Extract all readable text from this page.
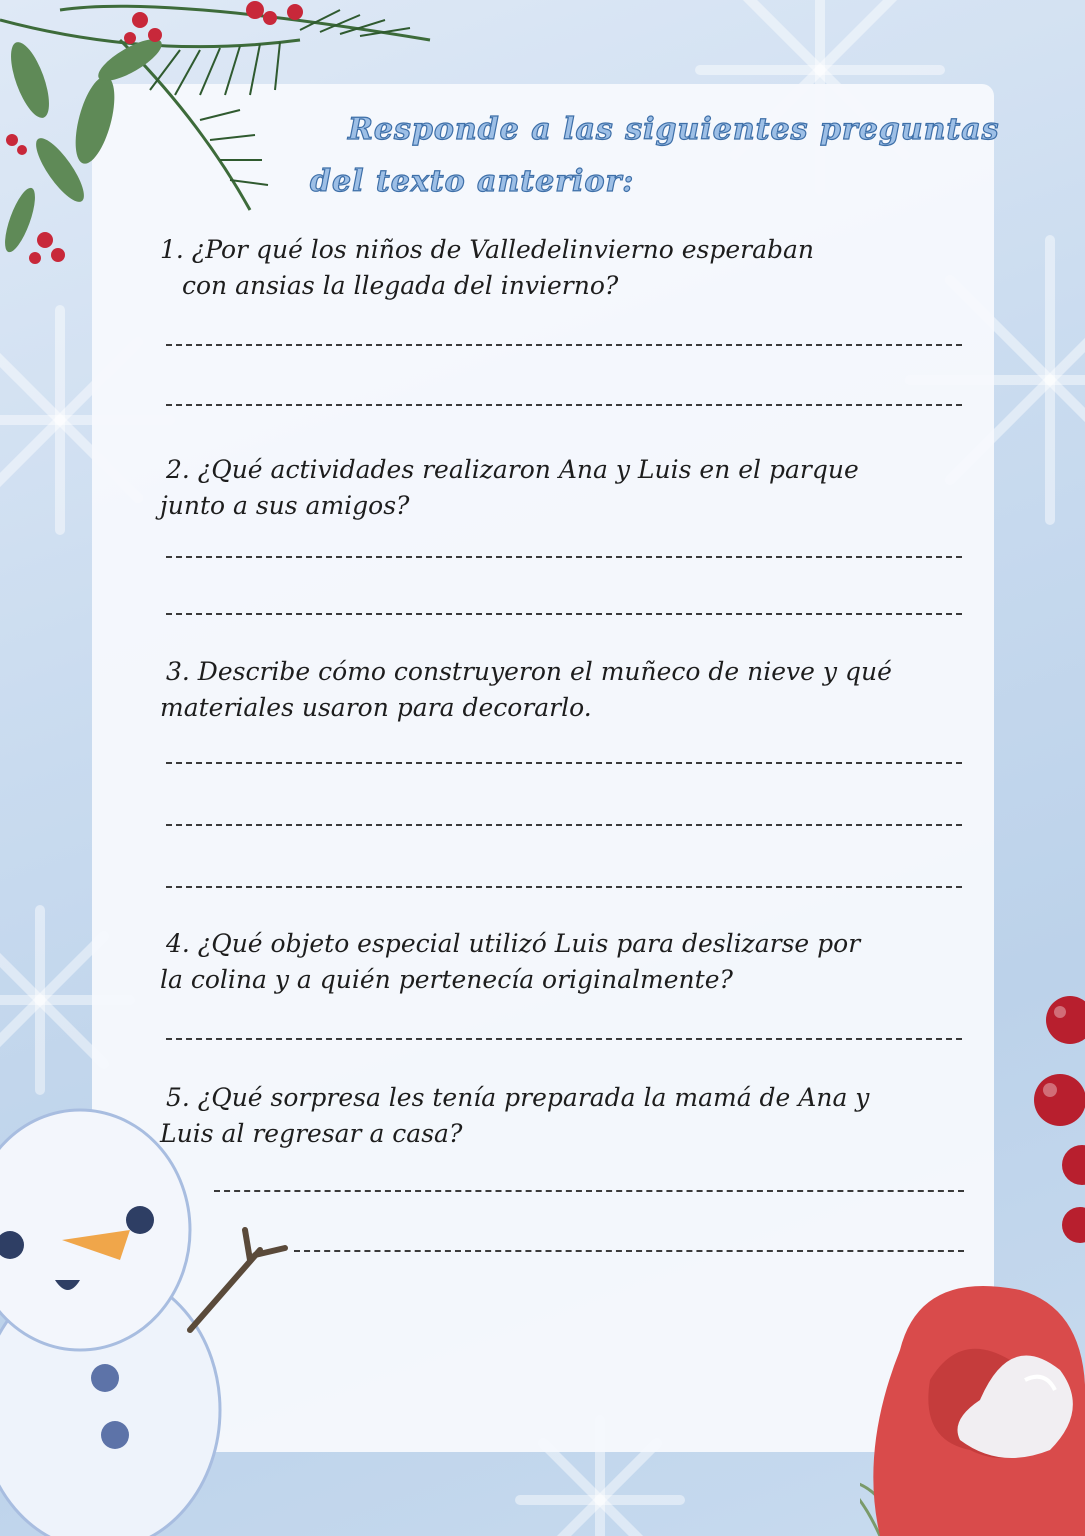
Responde a las siguientes preguntas
del texto anterior:
1. ¿Por qué los niños de Valledelinvierno esperaban
con ansias la llegada del invierno?
2. ¿Qué actividades realizaron Ana y Luis en el parque
junto a sus amigos?
3. Describe cómo construyeron el muñeco de nieve y qué
materiales usaron para decorarlo.
4. ¿Qué objeto especial utilizó Luis para deslizarse por
la colina y a quién pertenecía originalmente?
5. ¿Qué sorpresa les tenía preparada la mamá de Ana y
Luis al regresar a casa?
